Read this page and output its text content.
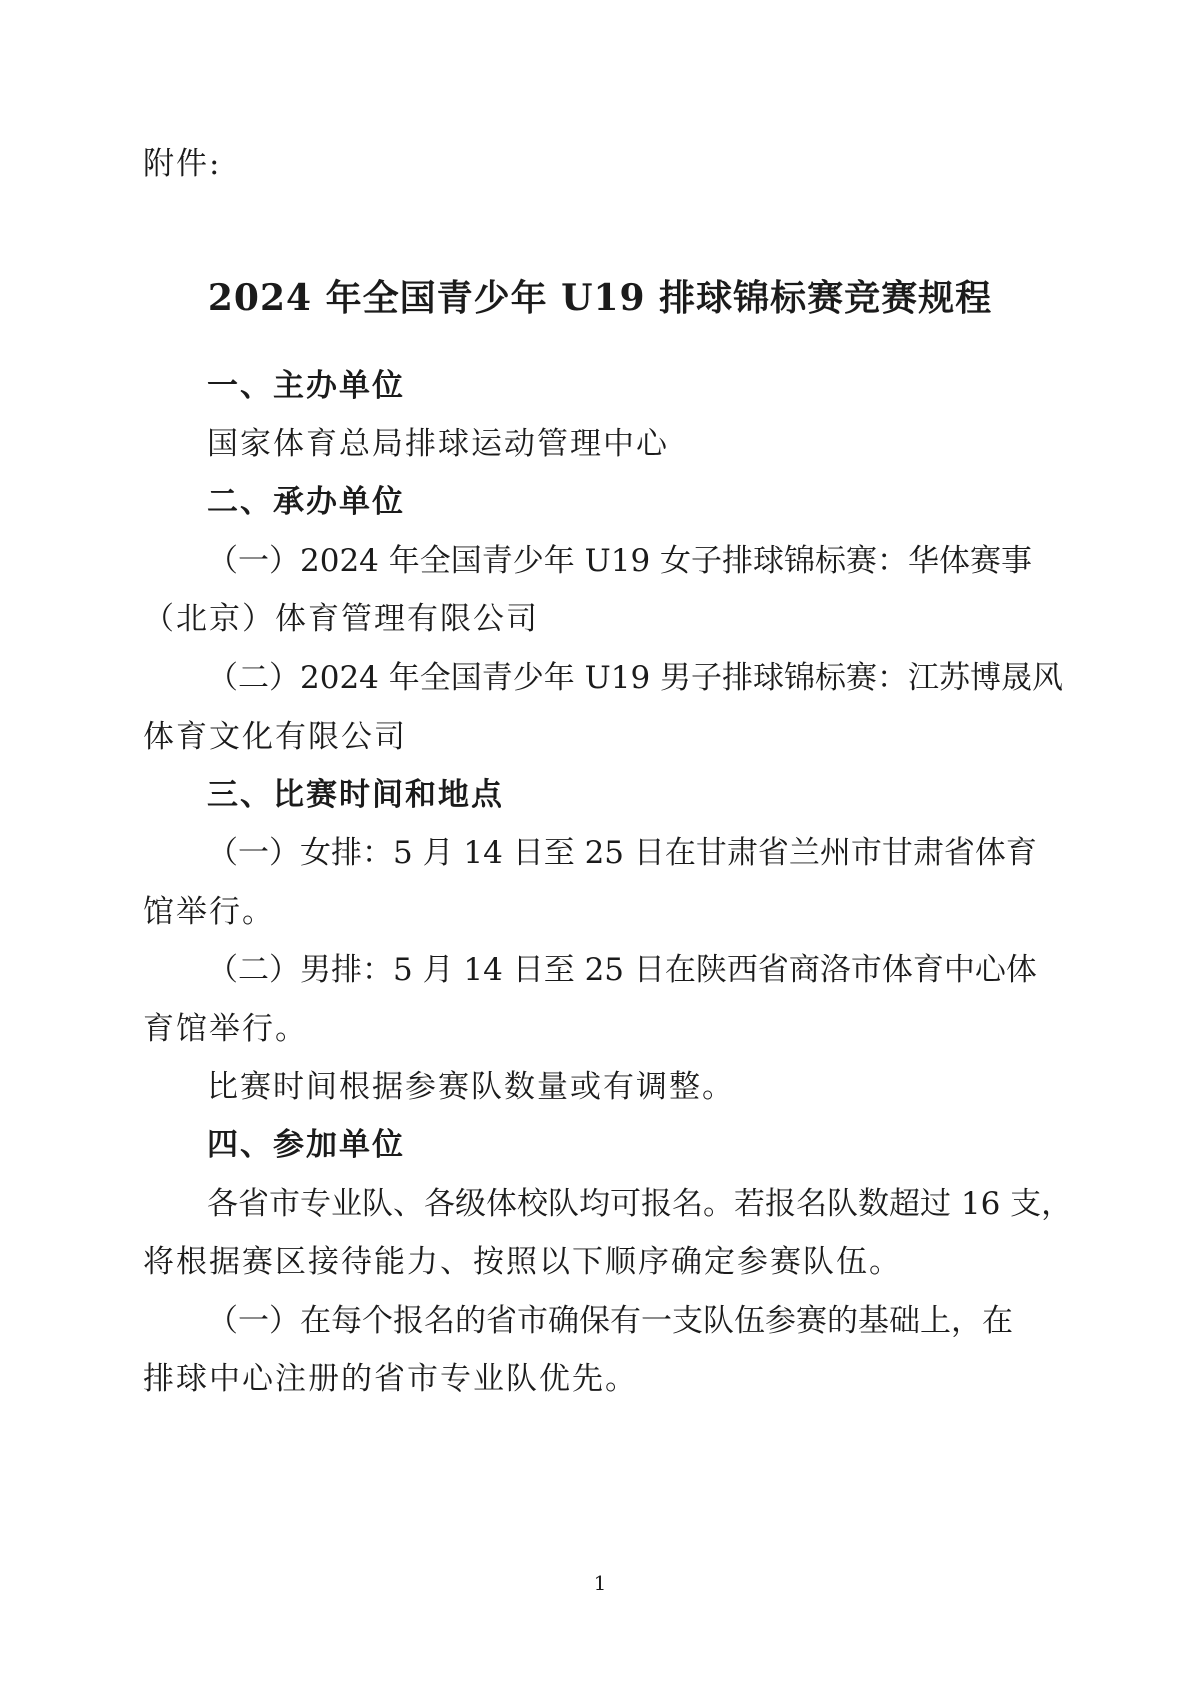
附件:
2024 年全国青少年 U19 排球锦标赛竞赛规程
一、主办单位
国家体育总局排球运动管理中心
二、承办单位
（一）2024 年全国青少年 U19 女子排球锦标赛：华体赛事
（北京）体育管理有限公司
（二）2024 年全国青少年 U19 男子排球锦标赛：江苏博晟风
体育文化有限公司
三、比赛时间和地点
（一）女排：5 月 14 日至 25 日在甘肃省兰州市甘肃省体育
馆举行。
（二）男排：5 月 14 日至 25 日在陕西省商洛市体育中心体
育馆举行。
比赛时间根据参赛队数量或有调整。
四、参加单位
各省市专业队、各级体校队均可报名。若报名队数超过 16 支，
将根据赛区接待能力、按照以下顺序确定参赛队伍。
（一）在每个报名的省市确保有一支队伍参赛的基础上，在
排球中心注册的省市专业队优先。
1
